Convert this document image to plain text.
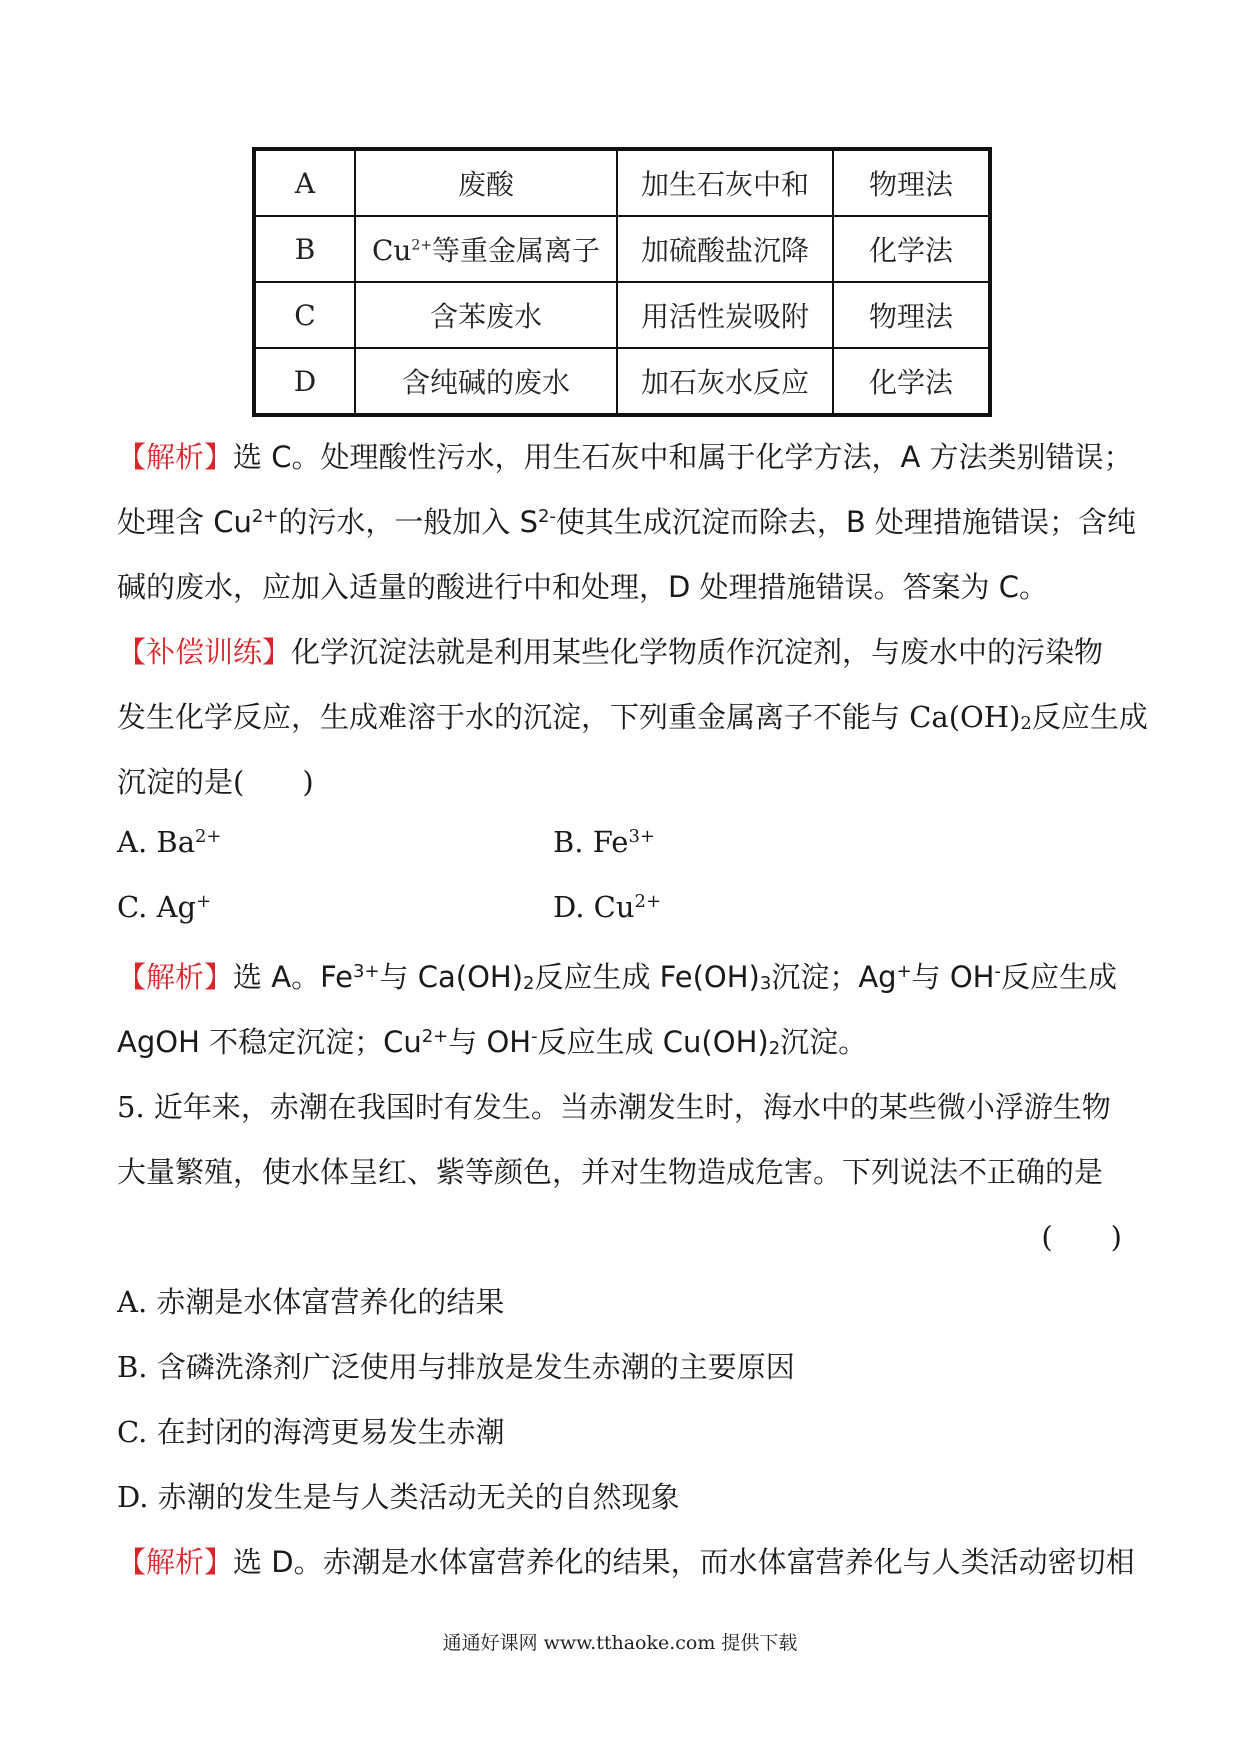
A	废酸	加生石灰中和	物理法
B	$Cu^{2+}$等重金属离子	加硫酸盐沉降	化学法
C	含苯废水	用活性炭吸附	物理法
D	含纯碱的废水	加石灰水反应	化学法
【解析】选 C。处理酸性污水，用生石灰中和属于化学方法，A 方法类别错误；
处理含 $Cu^{2+}$的污水，一般加入 $S^{2-}$使其生成沉淀而除去，B 处理措施错误；含纯
碱的废水，应加入适量的酸进行中和处理，D 处理措施错误。答案为 C。
【补偿训练】化学沉淀法就是利用某些化学物质作沉淀剂，与废水中的污染物
发生化学反应，生成难溶于水的沉淀，下列重金属离子不能与 Ca(OH)2反应生成
沉淀的是(　　)
A. $Ba^{2+}$	B. $Fe^{3+}$
C. Ag+	D. $Cu^{2+}$
【解析】选 A。$Fe^{3+}$与 Ca(OH)2反应生成 Fe(OH)3沉淀；Ag+与 OH-反应生成
AgOH 不稳定沉淀；$Cu^{2+}$与 OH-反应生成 Cu(OH)2沉淀。
5. 近年来，赤潮在我国时有发生。当赤潮发生时，海水中的某些微小浮游生物
大量繁殖，使水体呈红、紫等颜色，并对生物造成危害。下列说法不正确的是
(　　)
A. 赤潮是水体富营养化的结果
B. 含磷洗涤剂广泛使用与排放是发生赤潮的主要原因
C. 在封闭的海湾更易发生赤潮
D. 赤潮的发生是与人类活动无关的自然现象
【解析】选 D。赤潮是水体富营养化的结果，而水体富营养化与人类活动密切相
通通好课网 www.tthaoke.com 提供下载
